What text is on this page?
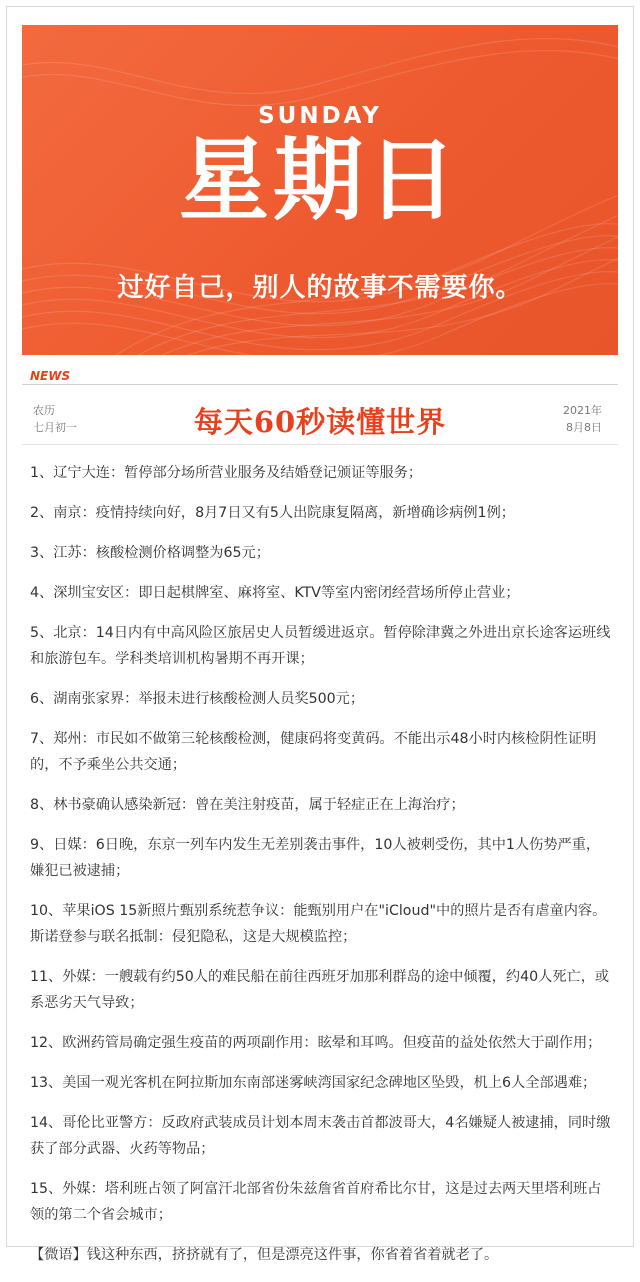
SUNDAY
星期日
过好自己，别人的故事不需要你。
NEWS
农历
七月初一	每天60秒读懂世界	2021年
8月8日
1、辽宁大连：暂停部分场所营业服务及结婚登记颁证等服务；
2、南京：疫情持续向好，8月7日又有5人出院康复隔离，新增确诊病例1例；
3、江苏：核酸检测价格调整为65元；
4、深圳宝安区：即日起棋牌室、麻将室、KTV等室内密闭经营场所停止营业；
5、北京：14日内有中高风险区旅居史人员暂缓进返京。暂停除津冀之外进出京长途客运班线和旅游包车。学科类培训机构暑期不再开课；
6、湖南张家界：举报未进行核酸检测人员奖500元；
7、郑州：市民如不做第三轮核酸检测，健康码将变黄码。不能出示48小时内核检阴性证明的，不予乘坐公共交通；
8、林书豪确认感染新冠：曾在美注射疫苗，属于轻症正在上海治疗；
9、日媒：6日晚，东京一列车内发生无差别袭击事件，10人被刺受伤，其中1人伤势严重，嫌犯已被逮捕；
10、苹果iOS 15新照片甄别系统惹争议：能甄别用户在"iCloud"中的照片是否有虐童内容。斯诺登参与联名抵制：侵犯隐私，这是大规模监控；
11、外媒：一艘载有约50人的难民船在前往西班牙加那利群岛的途中倾覆，约40人死亡，或系恶劣天气导致；
12、欧洲药管局确定强生疫苗的两项副作用：眩晕和耳鸣。但疫苗的益处依然大于副作用；
13、美国一观光客机在阿拉斯加东南部迷雾峡湾国家纪念碑地区坠毁，机上6人全部遇难；
14、哥伦比亚警方：反政府武装成员计划本周末袭击首都波哥大，4名嫌疑人被逮捕，同时缴获了部分武器、火药等物品；
15、外媒：塔利班占领了阿富汗北部省份朱兹詹省首府希比尔甘，这是过去两天里塔利班占领的第二个省会城市；
【微语】钱这种东西，挤挤就有了，但是漂亮这件事，你省着省着就老了。
